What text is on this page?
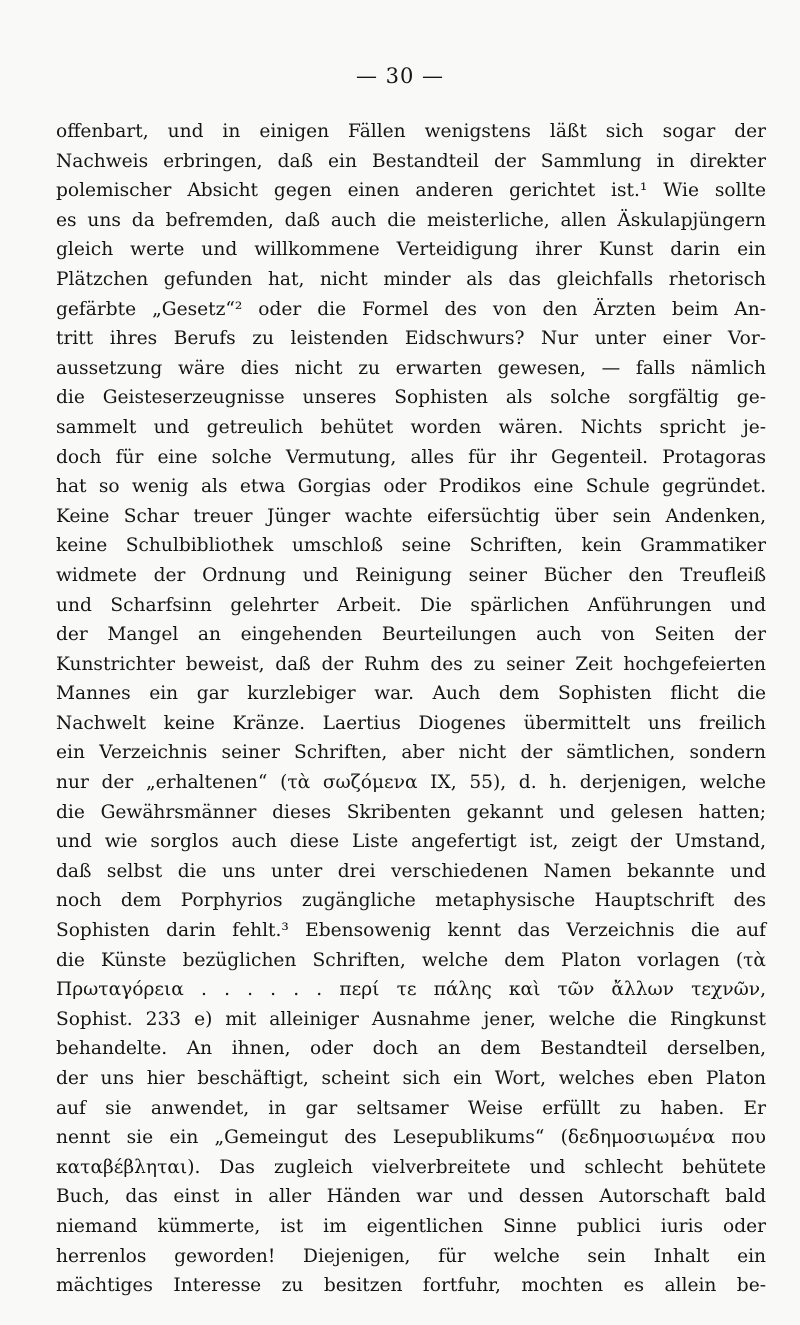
— 30 —
offenbart, und in einigen Fällen wenigstens läßt sich sogar der
Nachweis erbringen, daß ein Bestandteil der Sammlung in direkter
polemischer Absicht gegen einen anderen gerichtet ist.¹ Wie sollte
es uns da befremden, daß auch die meisterliche, allen Äskulapjüngern
gleich werte und willkommene Verteidigung ihrer Kunst darin ein
Plätzchen gefunden hat, nicht minder als das gleichfalls rhetorisch
gefärbte „Gesetz“² oder die Formel des von den Ärzten beim An-
tritt ihres Berufs zu leistenden Eidschwurs? Nur unter einer Vor-
aussetzung wäre dies nicht zu erwarten gewesen, — falls nämlich
die Geisteserzeugnisse unseres Sophisten als solche sorgfältig ge-
sammelt und getreulich behütet worden wären. Nichts spricht je-
doch für eine solche Vermutung, alles für ihr Gegenteil. Protagoras
hat so wenig als etwa Gorgias oder Prodikos eine Schule gegründet.
Keine Schar treuer Jünger wachte eifersüchtig über sein Andenken,
keine Schulbibliothek umschloß seine Schriften, kein Grammatiker
widmete der Ordnung und Reinigung seiner Bücher den Treufleiß
und Scharfsinn gelehrter Arbeit. Die spärlichen Anführungen und
der Mangel an eingehenden Beurteilungen auch von Seiten der
Kunstrichter beweist, daß der Ruhm des zu seiner Zeit hochgefeierten
Mannes ein gar kurzlebiger war. Auch dem Sophisten flicht die
Nachwelt keine Kränze. Laertius Diogenes übermittelt uns freilich
ein Verzeichnis seiner Schriften, aber nicht der sämtlichen, sondern
nur der „erhaltenen“ (τὰ σωζόμενα IX, 55), d. h. derjenigen, welche
die Gewährsmänner dieses Skribenten gekannt und gelesen hatten;
und wie sorglos auch diese Liste angefertigt ist, zeigt der Umstand,
daß selbst die uns unter drei verschiedenen Namen bekannte und
noch dem Porphyrios zugängliche metaphysische Hauptschrift des
Sophisten darin fehlt.³ Ebensowenig kennt das Verzeichnis die auf
die Künste bezüglichen Schriften, welche dem Platon vorlagen (τὰ
Πρωταγόρεια . . . . . . περί τε πάλης καὶ τῶν ἄλλων τεχνῶν,
Sophist. 233 e) mit alleiniger Ausnahme jener, welche die Ringkunst
behandelte. An ihnen, oder doch an dem Bestandteil derselben,
der uns hier beschäftigt, scheint sich ein Wort, welches eben Platon
auf sie anwendet, in gar seltsamer Weise erfüllt zu haben. Er
nennt sie ein „Gemeingut des Lesepublikums“ (δεδημοσιωμένα που
καταβέβληται). Das zugleich vielverbreitete und schlecht behütete
Buch, das einst in aller Händen war und dessen Autorschaft bald
niemand kümmerte, ist im eigentlichen Sinne publici iuris oder
herrenlos geworden! Diejenigen, für welche sein Inhalt ein
mächtiges Interesse zu besitzen fortfuhr, mochten es allein be-
